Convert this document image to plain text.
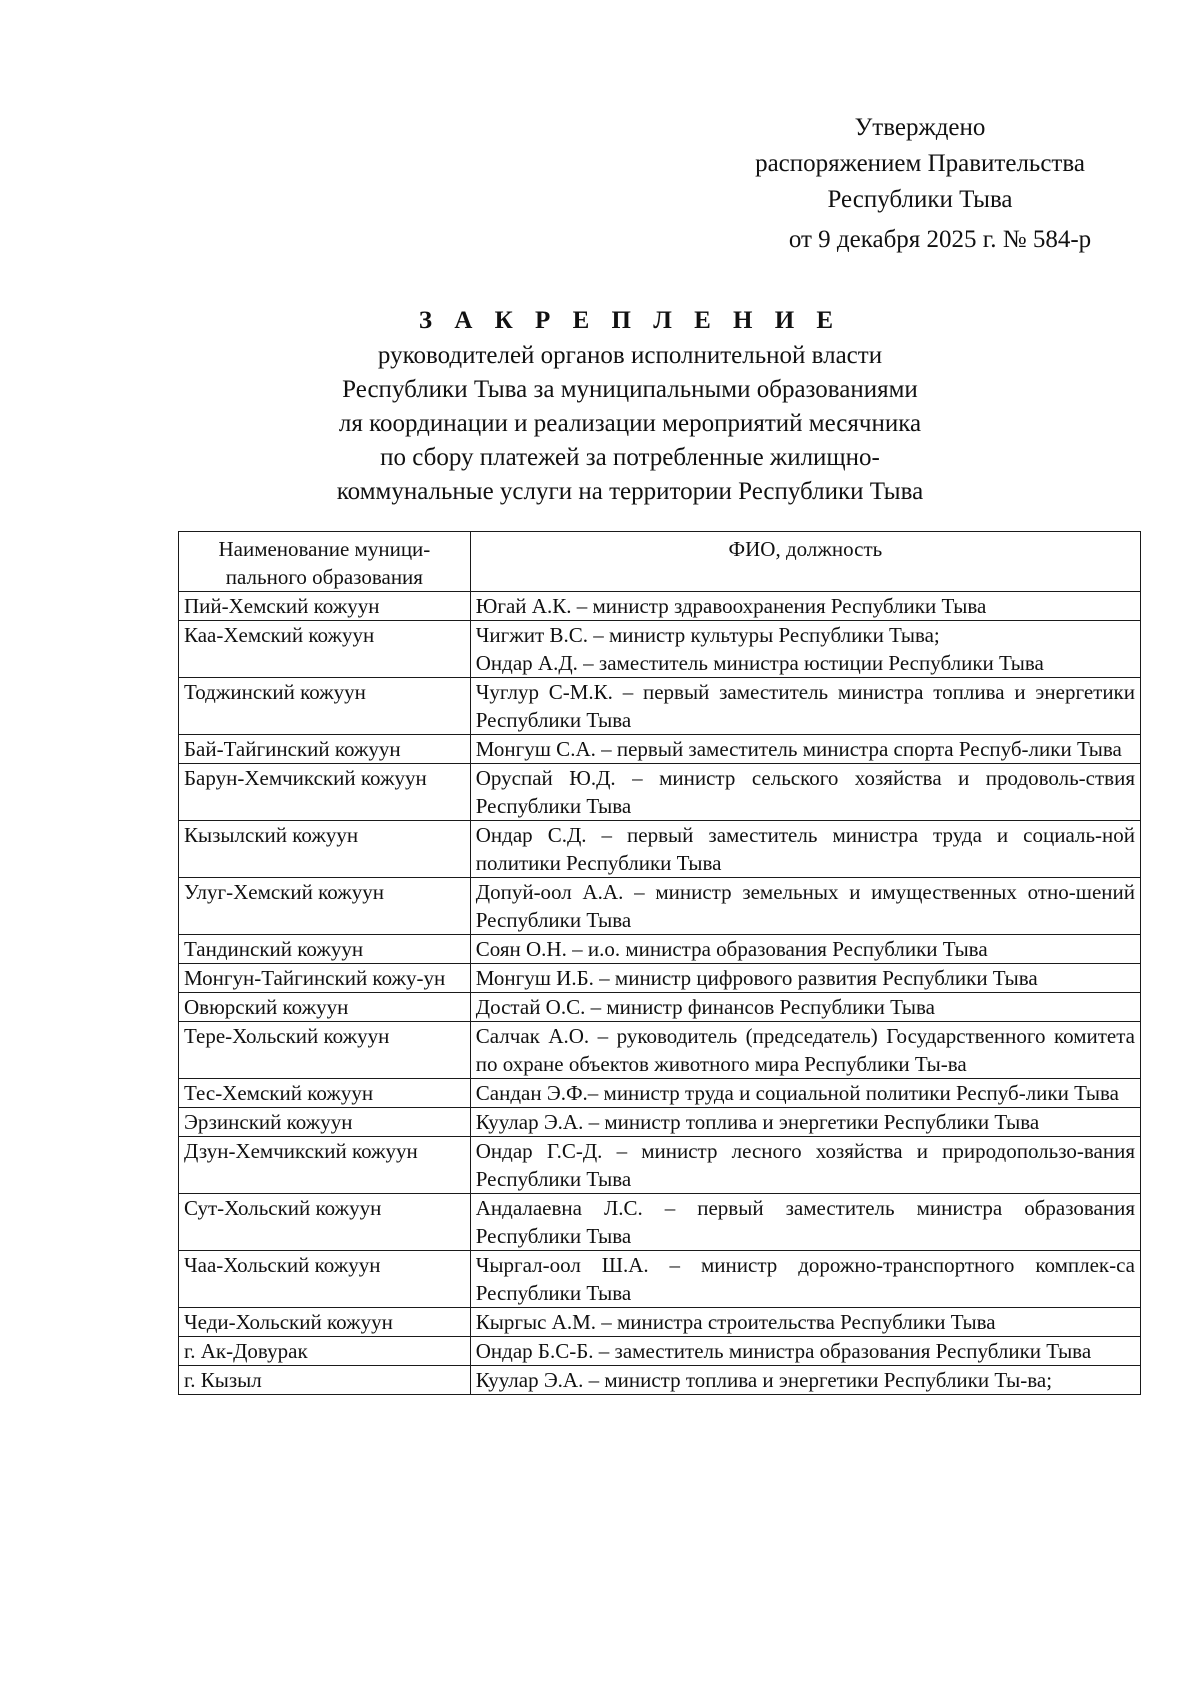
Утверждено
распоряжением Правительства
Республики Тыва
от 9 декабря 2025 г. № 584-р
З А К Р Е П Л Е Н И Е
руководителей органов исполнительной власти
Республики Тыва за муниципальными образованиями
ля координации и реализации мероприятий месячника
по сбору платежей за потребленные жилищно-
коммунальные услуги на территории Республики Тыва
Наименование муници-пального образования	ФИО, должность
Пий-Хемский кожуун	Югай А.К. – министр здравоохранения Республики Тыва

Каа-Хемский кожуун	Чигжит В.С. – министр культуры Республики Тыва;
Ондар А.Д. – заместитель министра юстиции Республики Тыва

Тоджинский кожуун	Чуглур С-М.К. – первый заместитель министра топлива и энергетики Республики Тыва

Бай-Тайгинский кожуун	Монгуш С.А. – первый заместитель министра спорта Респуб-лики Тыва

Барун-Хемчикский кожуун	Оруспай Ю.Д. – министр сельского хозяйства и продоволь-ствия Республики Тыва

Кызылский кожуун	Ондар С.Д. – первый заместитель министра труда и социаль-ной политики Республики Тыва

Улуг-Хемский кожуун	Допуй-оол А.А. – министр земельных и имущественных отно-шений Республики Тыва

Тандинский кожуун	Соян О.Н. – и.о. министра образования Республики Тыва

Монгун-Тайгинский кожу-ун	Монгуш И.Б. – министр цифрового развития Республики Тыва

Овюрский кожуун	Достай О.С. – министр финансов Республики Тыва

Тере-Хольский кожуун	Салчак А.О. – руководитель (председатель) Государственного комитета по охране объектов животного мира Республики Ты-ва

Тес-Хемский кожуун	Сандан Э.Ф.– министр труда и социальной политики Респуб-лики Тыва

Эрзинский кожуун	Куулар Э.А. – министр топлива и энергетики Республики Тыва

Дзун-Хемчикский кожуун	Ондар Г.С-Д. – министр лесного хозяйства и природопользо-вания Республики Тыва

Сут-Хольский кожуун	Андалаевна Л.С. – первый заместитель министра образования Республики Тыва

Чаа-Хольский кожуун	Чыргал-оол Ш.А. – министр дорожно-транспортного комплек-са Республики Тыва

Чеди-Хольский кожуун	Кыргыс А.М. – министра строительства Республики Тыва

г. Ак-Довурак	Ондар Б.С-Б. – заместитель министра образования Республики Тыва

г. Кызыл	Куулар Э.А. – министр топлива и энергетики Республики Ты-ва;
